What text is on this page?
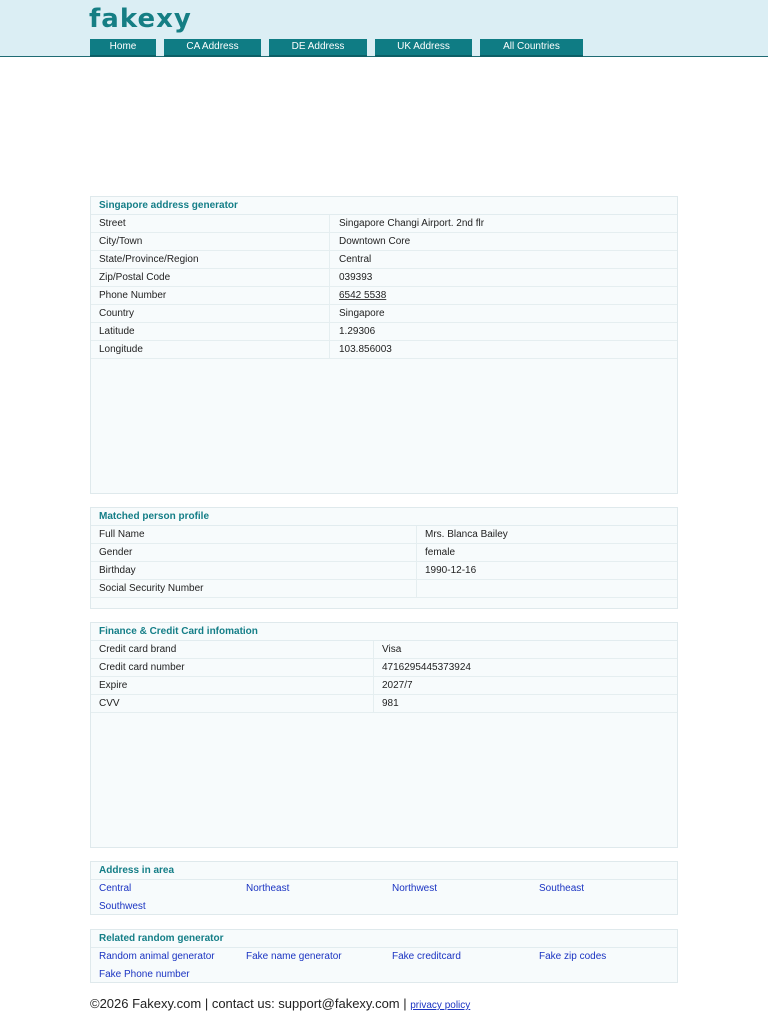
fakexy
Home	CA Address	DE Address	UK Address	All Countries
Singapore address generator
Street	Singapore Changi Airport. 2nd flr
City/Town	Downtown Core
State/Province/Region	Central
Zip/Postal Code	039393
Phone Number	6542 5538
Country	Singapore
Latitude	1.29306
Longitude	103.856003
Matched person profile
Full Name	Mrs. Blanca Bailey
Gender	female
Birthday	1990-12-16
Social Security Number
Finance & Credit Card infomation
Credit card brand	Visa
Credit card number	4716295445373924
Expire	2027/7
CVV	981
Address in area
Central	Northeast	Northwest	Southeast
Southwest
Related random generator
Random animal generator	Fake name generator	Fake creditcard	Fake zip codes
Fake Phone number
©2026 Fakexy.com | contact us: support@fakexy.com | privacy policy
